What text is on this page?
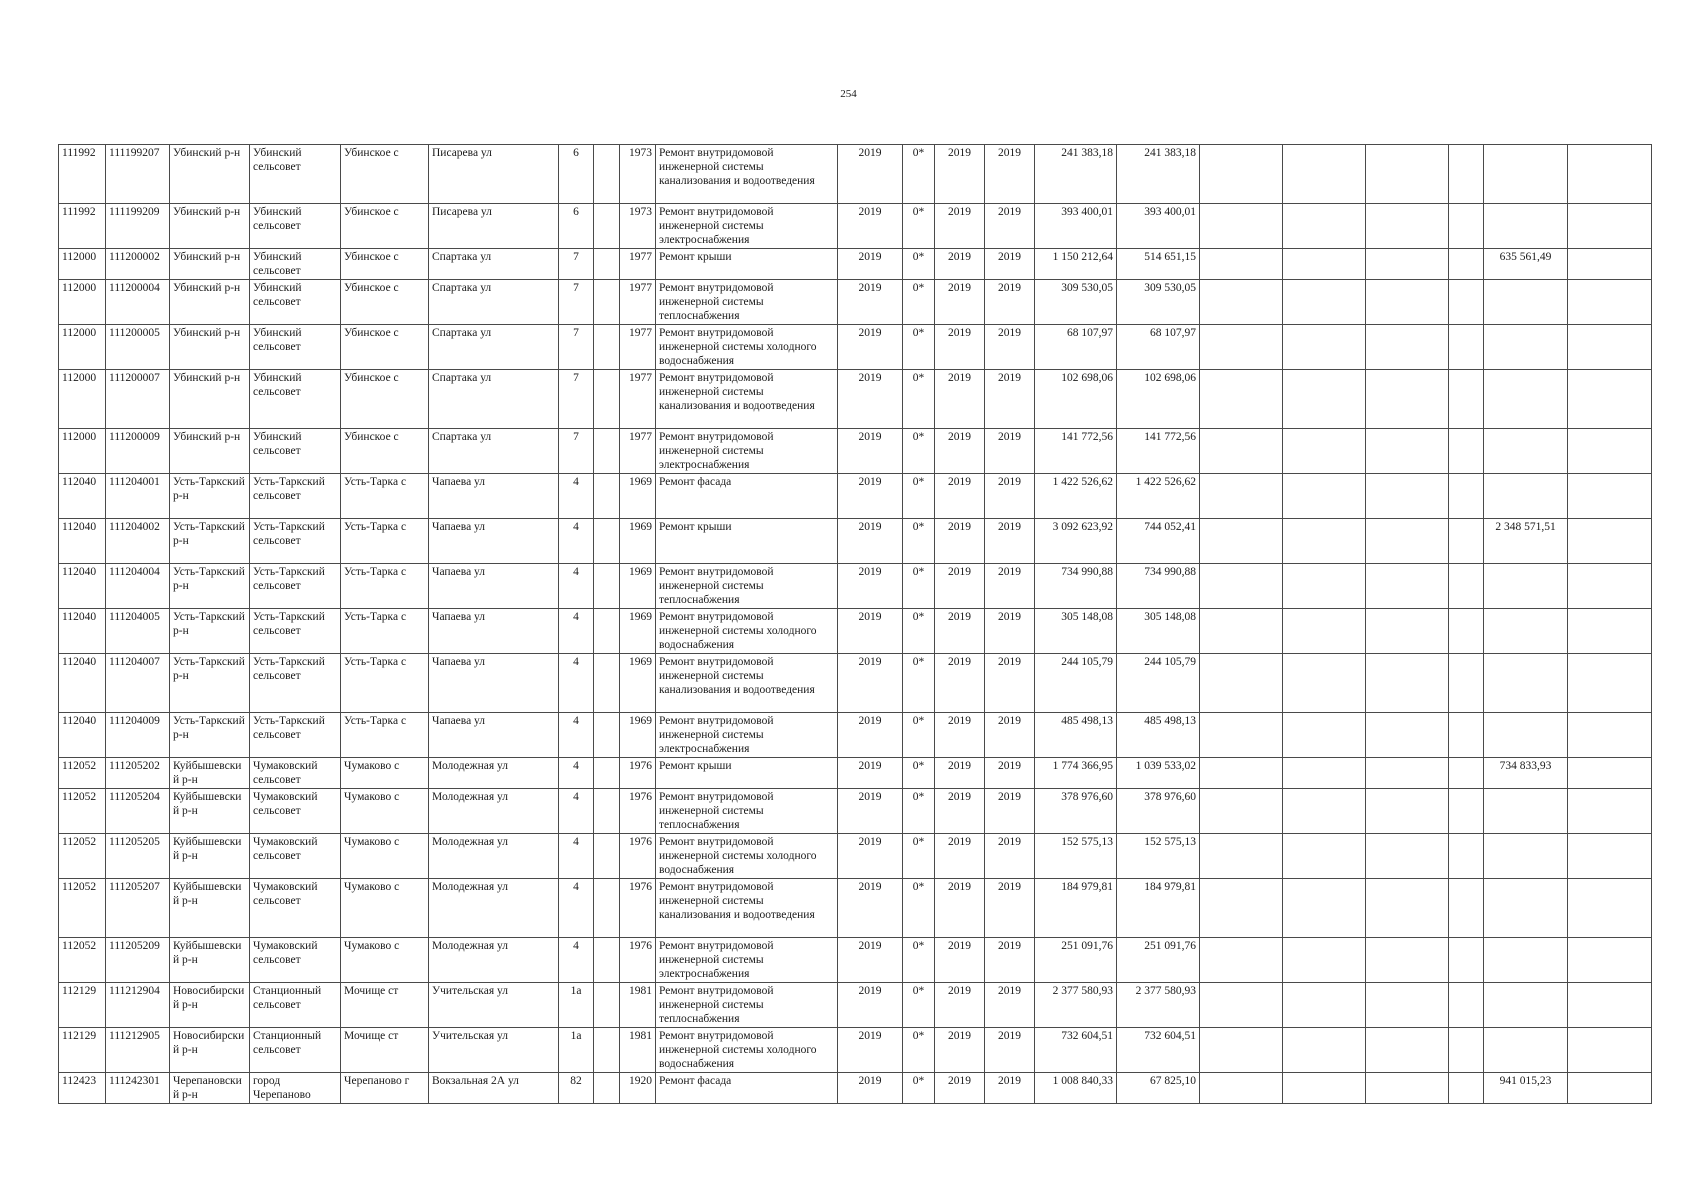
254
111992	111199207	Убинский р-н	Убинский сельсовет	Убинское с	Писарева ул	6		1973	Ремонт внутридомовой инженерной системы канализования и водоотведения	2019	0*	2019	2019	241 383,18	241 383,18						
111992	111199209	Убинский р-н	Убинский сельсовет	Убинское с	Писарева ул	6		1973	Ремонт внутридомовой инженерной системы электроснабжения	2019	0*	2019	2019	393 400,01	393 400,01						
112000	111200002	Убинский р-н	Убинский сельсовет	Убинское с	Спартака ул	7		1977	Ремонт крыши	2019	0*	2019	2019	1 150 212,64	514 651,15					635 561,49	
112000	111200004	Убинский р-н	Убинский сельсовет	Убинское с	Спартака ул	7		1977	Ремонт внутридомовой инженерной системы теплоснабжения	2019	0*	2019	2019	309 530,05	309 530,05						
112000	111200005	Убинский р-н	Убинский сельсовет	Убинское с	Спартака ул	7		1977	Ремонт внутридомовой инженерной системы холодного водоснабжения	2019	0*	2019	2019	68 107,97	68 107,97						
112000	111200007	Убинский р-н	Убинский сельсовет	Убинское с	Спартака ул	7		1977	Ремонт внутридомовой инженерной системы канализования и водоотведения	2019	0*	2019	2019	102 698,06	102 698,06						
112000	111200009	Убинский р-н	Убинский сельсовет	Убинское с	Спартака ул	7		1977	Ремонт внутридомовой инженерной системы электроснабжения	2019	0*	2019	2019	141 772,56	141 772,56						
112040	111204001	Усть-Таркский р-н	Усть-Таркский сельсовет	Усть-Тарка с	Чапаева ул	4		1969	Ремонт фасада	2019	0*	2019	2019	1 422 526,62	1 422 526,62						
112040	111204002	Усть-Таркский р-н	Усть-Таркский сельсовет	Усть-Тарка с	Чапаева ул	4		1969	Ремонт крыши	2019	0*	2019	2019	3 092 623,92	744 052,41					2 348 571,51	
112040	111204004	Усть-Таркский р-н	Усть-Таркский сельсовет	Усть-Тарка с	Чапаева ул	4		1969	Ремонт внутридомовой инженерной системы теплоснабжения	2019	0*	2019	2019	734 990,88	734 990,88						
112040	111204005	Усть-Таркский р-н	Усть-Таркский сельсовет	Усть-Тарка с	Чапаева ул	4		1969	Ремонт внутридомовой инженерной системы холодного водоснабжения	2019	0*	2019	2019	305 148,08	305 148,08						
112040	111204007	Усть-Таркский р-н	Усть-Таркский сельсовет	Усть-Тарка с	Чапаева ул	4		1969	Ремонт внутридомовой инженерной системы канализования и водоотведения	2019	0*	2019	2019	244 105,79	244 105,79						
112040	111204009	Усть-Таркский р-н	Усть-Таркский сельсовет	Усть-Тарка с	Чапаева ул	4		1969	Ремонт внутридомовой инженерной системы электроснабжения	2019	0*	2019	2019	485 498,13	485 498,13						
112052	111205202	Куйбышевский р-н	Чумаковский сельсовет	Чумаково с	Молодежная ул	4		1976	Ремонт крыши	2019	0*	2019	2019	1 774 366,95	1 039 533,02					734 833,93	
112052	111205204	Куйбышевский р-н	Чумаковский сельсовет	Чумаково с	Молодежная ул	4		1976	Ремонт внутридомовой инженерной системы теплоснабжения	2019	0*	2019	2019	378 976,60	378 976,60						
112052	111205205	Куйбышевский р-н	Чумаковский сельсовет	Чумаково с	Молодежная ул	4		1976	Ремонт внутридомовой инженерной системы холодного водоснабжения	2019	0*	2019	2019	152 575,13	152 575,13						
112052	111205207	Куйбышевский р-н	Чумаковский сельсовет	Чумаково с	Молодежная ул	4		1976	Ремонт внутридомовой инженерной системы канализования и водоотведения	2019	0*	2019	2019	184 979,81	184 979,81						
112052	111205209	Куйбышевский р-н	Чумаковский сельсовет	Чумаково с	Молодежная ул	4		1976	Ремонт внутридомовой инженерной системы электроснабжения	2019	0*	2019	2019	251 091,76	251 091,76						
112129	111212904	Новосибирский р-н	Станционный сельсовет	Мочище ст	Учительская ул	1а		1981	Ремонт внутридомовой инженерной системы теплоснабжения	2019	0*	2019	2019	2 377 580,93	2 377 580,93						
112129	111212905	Новосибирский р-н	Станционный сельсовет	Мочище ст	Учительская ул	1а		1981	Ремонт внутридомовой инженерной системы холодного водоснабжения	2019	0*	2019	2019	732 604,51	732 604,51						
112423	111242301	Черепановский р-н	город Черепаново	Черепаново г	Вокзальная 2А ул	82		1920	Ремонт фасада	2019	0*	2019	2019	1 008 840,33	67 825,10					941 015,23	
